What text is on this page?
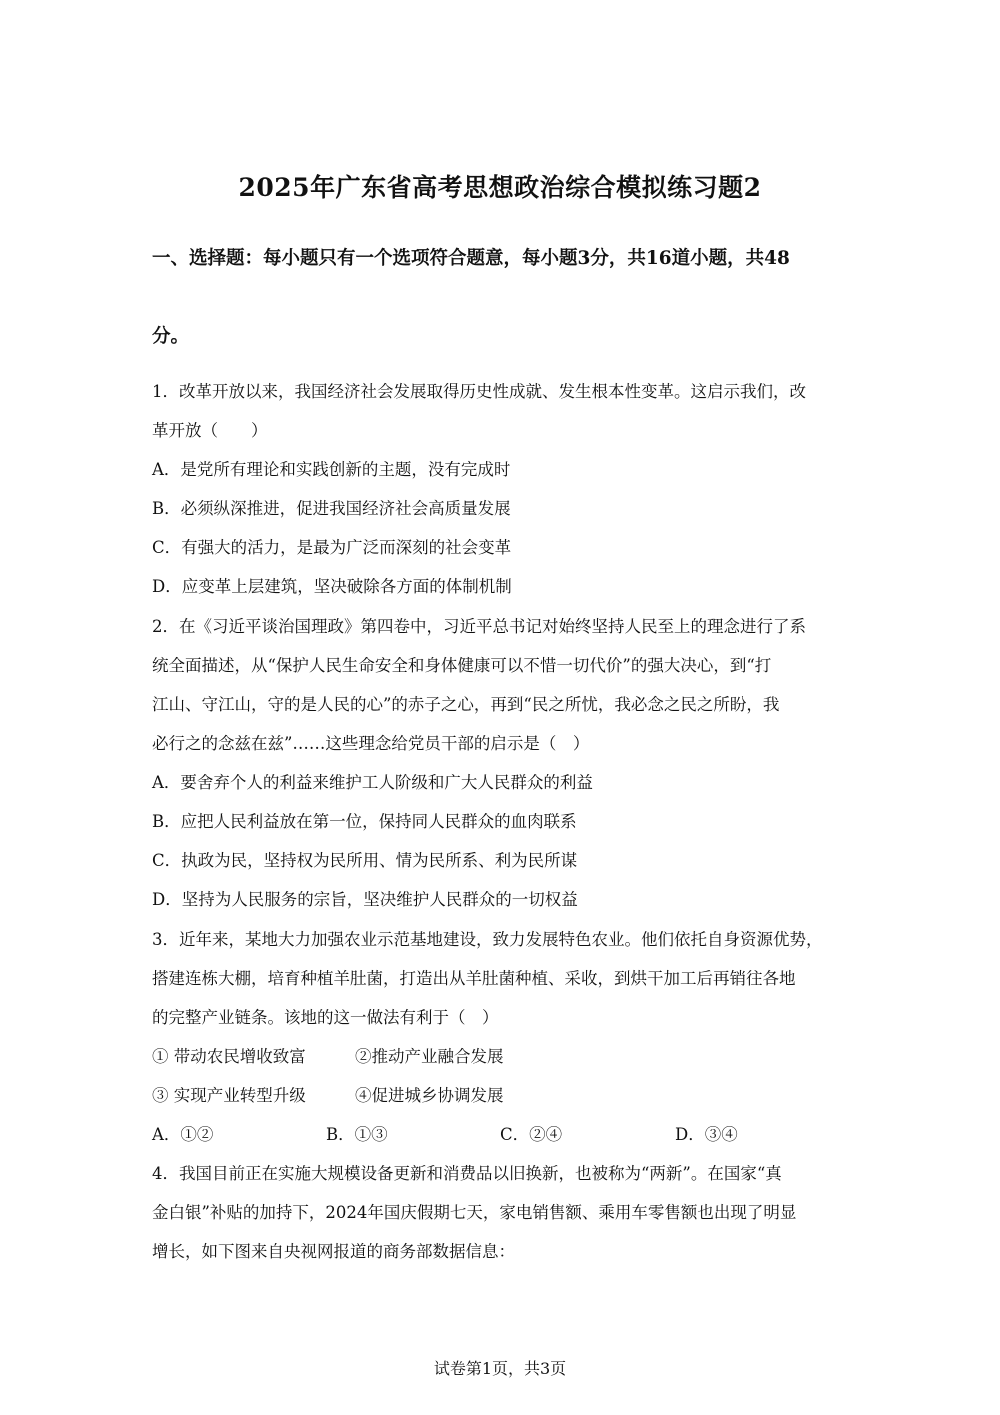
2025年广东省高考思想政治综合模拟练习题2
一、选择题：每小题只有一个选项符合题意，每小题3分，共16道小题，共48
分。
1．改革开放以来，我国经济社会发展取得历史性成就、发生根本性变革。这启示我们，改
革开放（　　）
A．是党所有理论和实践创新的主题，没有完成时
B．必须纵深推进，促进我国经济社会高质量发展
C．有强大的活力，是最为广泛而深刻的社会变革
D．应变革上层建筑，坚决破除各方面的体制机制
2．在《习近平谈治国理政》第四卷中，习近平总书记对始终坚持人民至上的理念进行了系
统全面描述，从“保护人民生命安全和身体健康可以不惜一切代价”的强大决心，到“打
江山、守江山，守的是人民的心”的赤子之心，再到“民之所忧，我必念之民之所盼，我
必行之的念兹在兹”……这些理念给党员干部的启示是（　）
A．要舍弃个人的利益来维护工人阶级和广大人民群众的利益
B．应把人民利益放在第一位，保持同人民群众的血肉联系
C．执政为民，坚持权为民所用、情为民所系、利为民所谋
D．坚持为人民服务的宗旨，坚决维护人民群众的一切权益
3．近年来，某地大力加强农业示范基地建设，致力发展特色农业。他们依托自身资源优势，
搭建连栋大棚，培育种植羊肚菌，打造出从羊肚菌种植、采收，到烘干加工后再销往各地
的完整产业链条。该地的这一做法有利于（　）
① 带动农民增收致富	②推动产业融合发展
③ 实现产业转型升级	④促进城乡协调发展
A．①②	B．①③	C．②④	D．③④
4．我国目前正在实施大规模设备更新和消费品以旧换新，也被称为“两新”。在国家“真
金白银”补贴的加持下，2024年国庆假期七天，家电销售额、乘用车零售额也出现了明显
增长，如下图来自央视网报道的商务部数据信息：
试卷第1页，共3页
